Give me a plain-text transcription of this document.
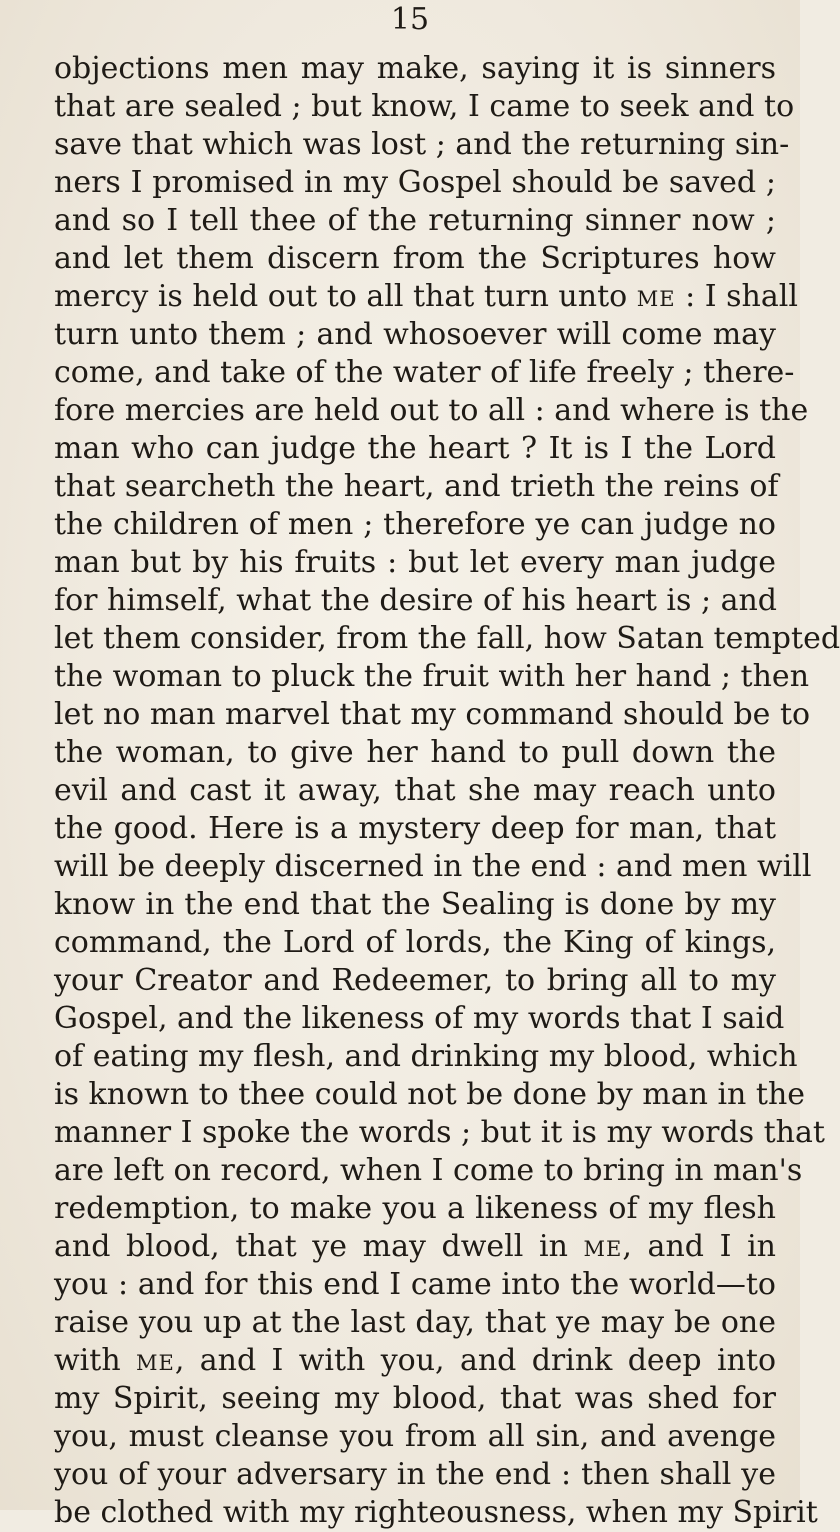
15
objections men may make, saying it is sinners
that are sealed ; but know, I came to seek and to
save that which was lost ; and the returning sin-
ners I promised in my Gospel should be saved ;
and so I tell thee of the returning sinner now ;
and let them discern from the Scriptures how
mercy is held out to all that turn unto me : I shall
turn unto them ; and whosoever will come may
come, and take of the water of life freely ; there-
fore mercies are held out to all : and where is the
man who can judge the heart ? It is I the Lord
that searcheth the heart, and trieth the reins of
the children of men ; therefore ye can judge no
man but by his fruits : but let every man judge
for himself, what the desire of his heart is ; and
let them consider, from the fall, how Satan tempted
the woman to pluck the fruit with her hand ; then
let no man marvel that my command should be to
the woman, to give her hand to pull down the
evil and cast it away, that she may reach unto
the good. Here is a mystery deep for man, that
will be deeply discerned in the end : and men will
know in the end that the Sealing is done by my
command, the Lord of lords, the King of kings,
your Creator and Redeemer, to bring all to my
Gospel, and the likeness of my words that I said
of eating my flesh, and drinking my blood, which
is known to thee could not be done by man in the
manner I spoke the words ; but it is my words that
are left on record, when I come to bring in man's
redemption, to make you a likeness of my flesh
and blood, that ye may dwell in me, and I in
you : and for this end I came into the world—to
raise you up at the last day, that ye may be one
with me, and I with you, and drink deep into
my Spirit, seeing my blood, that was shed for
you, must cleanse you from all sin, and avenge
you of your adversary in the end : then shall ye
be clothed with my righteousness, when my Spirit
